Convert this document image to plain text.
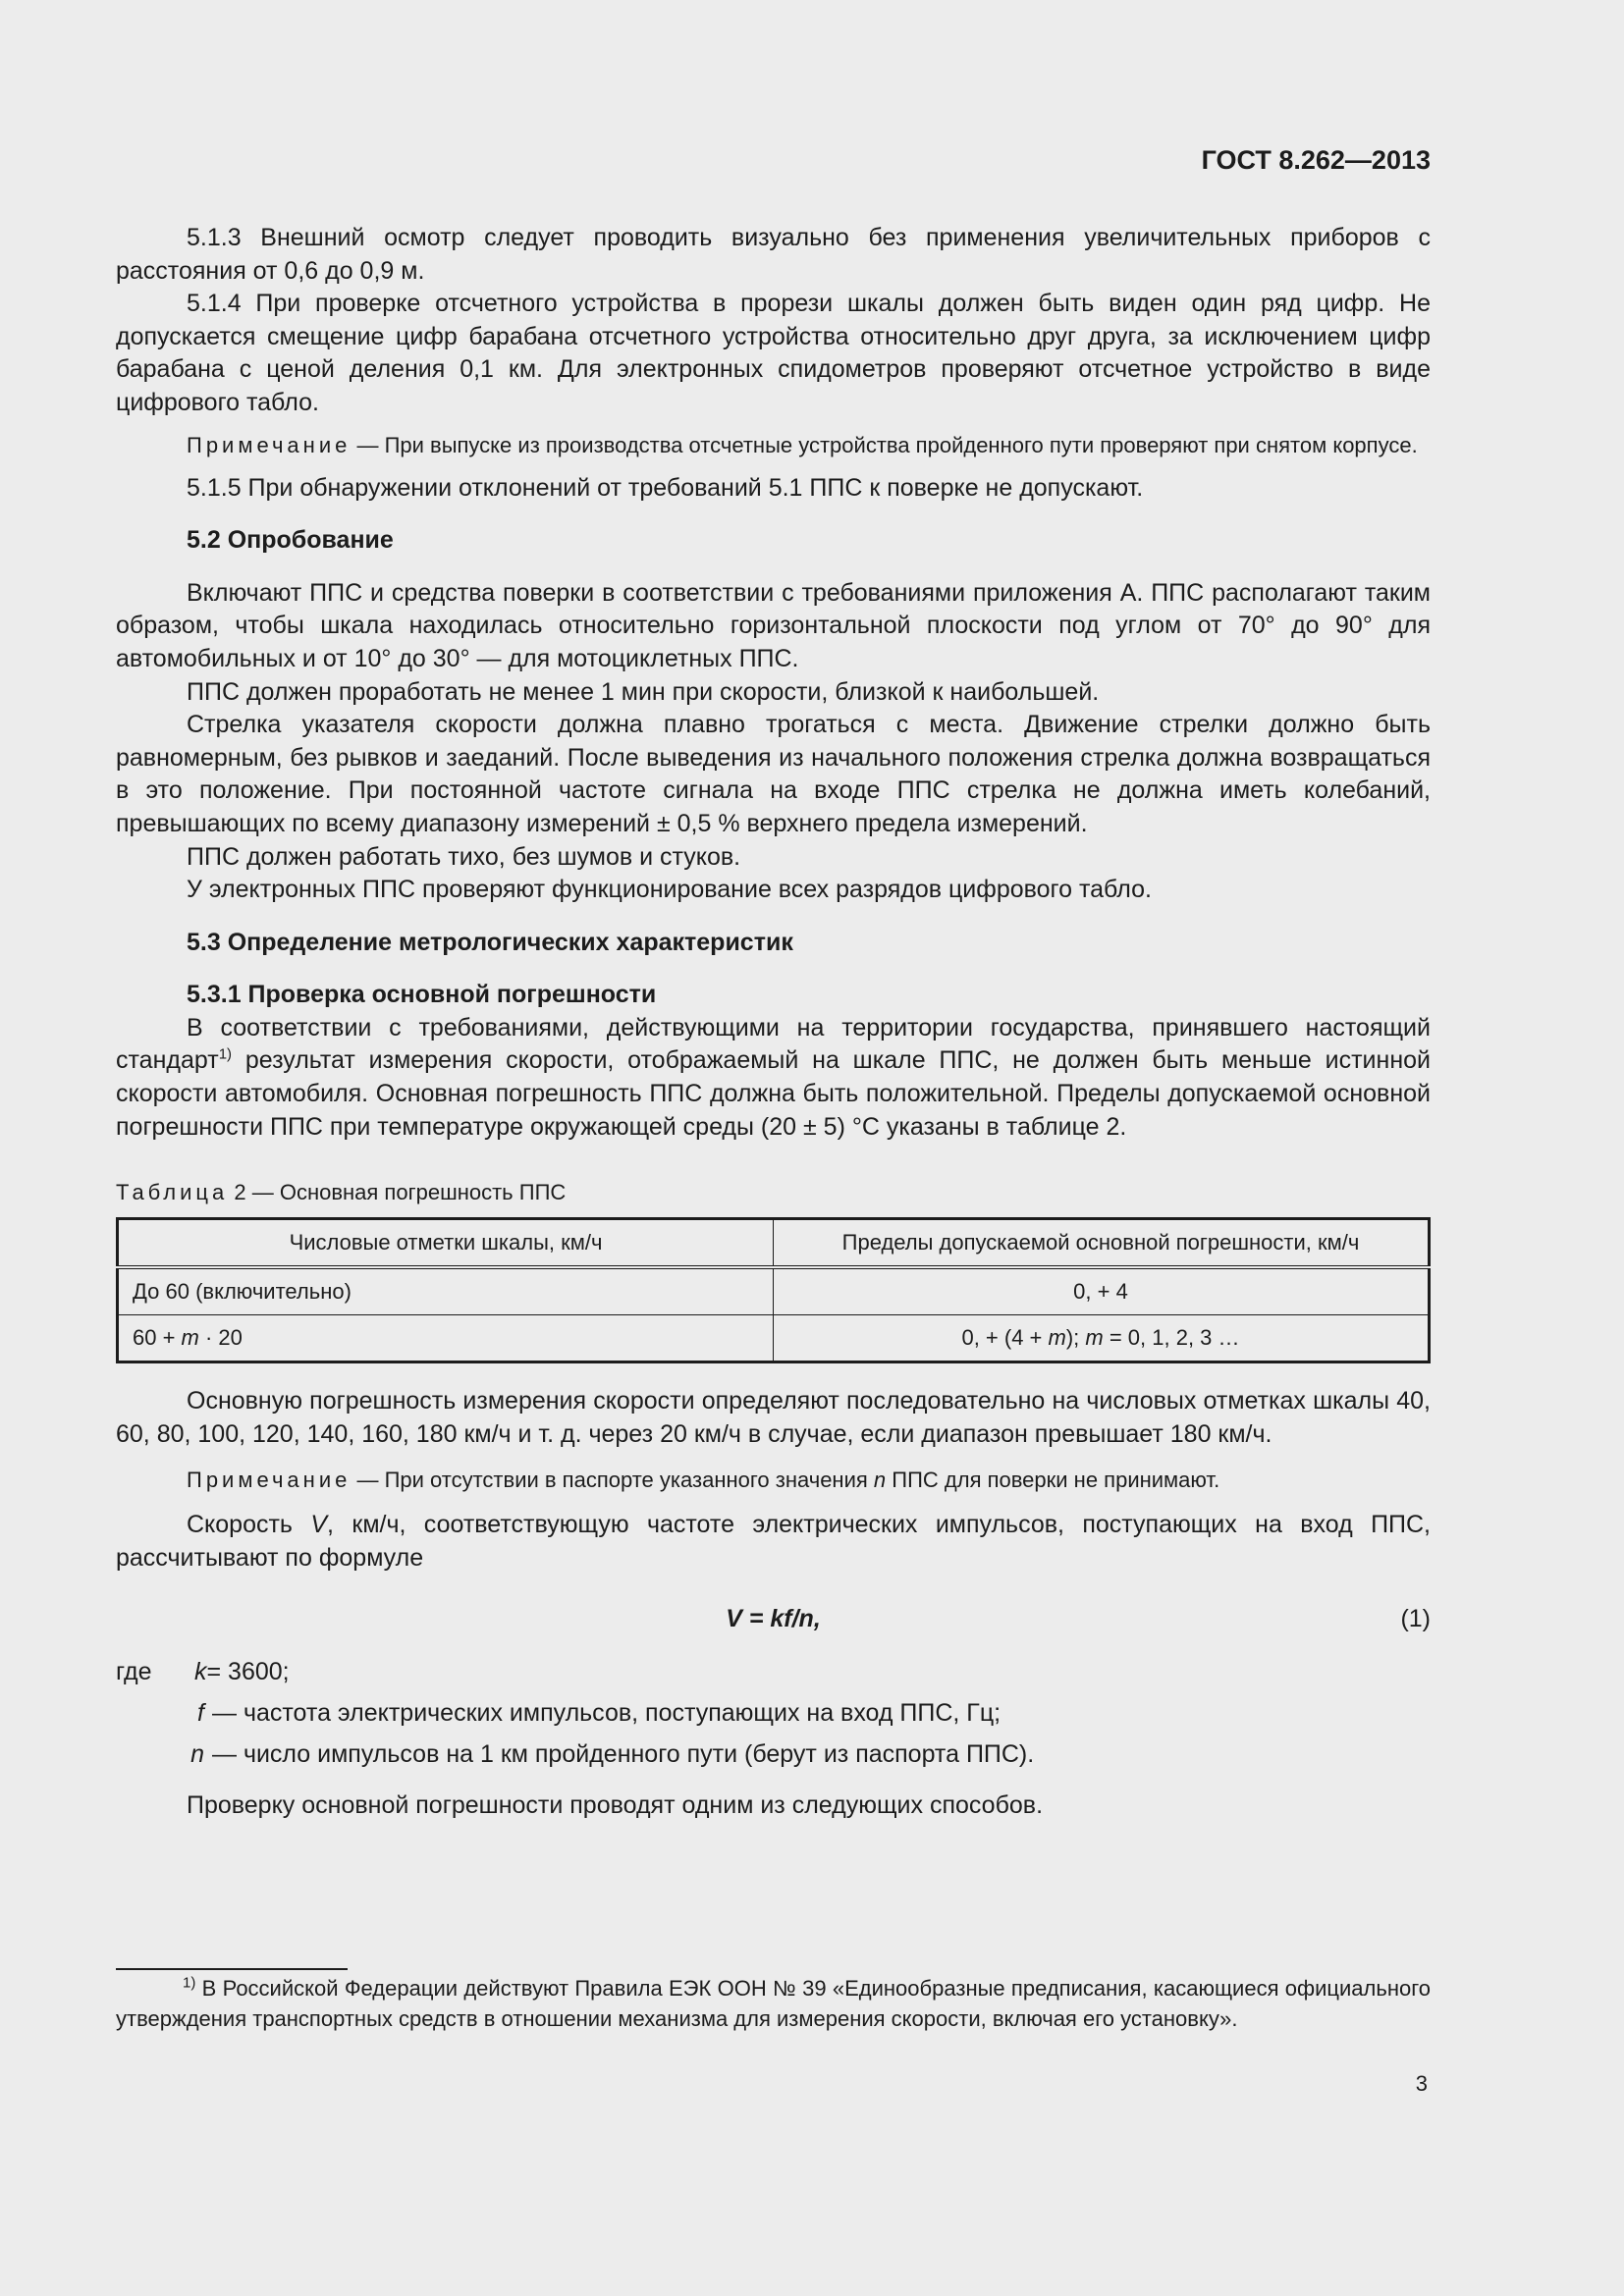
ГОСТ 8.262—2013

5.1.3 Внешний осмотр следует проводить визуально без применения увеличительных приборов с расстояния от 0,6 до 0,9 м.

5.1.4 При проверке отсчетного устройства в прорези шкалы должен быть виден один ряд цифр. Не допускается смещение цифр барабана отсчетного устройства относительно друг друга, за исключением цифр барабана с ценой деления 0,1 км. Для электронных спидометров проверяют отсчетное устройство в виде цифрового табло.

Примечание — При выпуске из производства отсчетные устройства пройденного пути проверяют при снятом корпусе.

5.1.5 При обнаружении отклонений от требований 5.1 ППС к поверке не допускают.

5.2 Опробование

Включают ППС и средства поверки в соответствии с требованиями приложения А. ППС располагают таким образом, чтобы шкала находилась относительно горизонтальной плоскости под углом от 70° до 90° для автомобильных и от 10° до 30° — для мотоциклетных ППС.

ППС должен проработать не менее 1 мин при скорости, близкой к наибольшей.

Стрелка указателя скорости должна плавно трогаться с места. Движение стрелки должно быть равномерным, без рывков и заеданий. После выведения из начального положения стрелка должна возвращаться в это положение. При постоянной частоте сигнала на входе ППС стрелка не должна иметь колебаний, превышающих по всему диапазону измерений ± 0,5 % верхнего предела измерений.

ППС должен работать тихо, без шумов и стуков.

У электронных ППС проверяют функционирование всех разрядов цифрового табло.

5.3 Определение метрологических характеристик
5.3.1 Проверка основной погрешности

В соответствии с требованиями, действующими на территории государства, принявшего настоящий стандарт$^{1)}$ результат измерения скорости, отображаемый на шкале ППС, не должен быть меньше истинной скорости автомобиля. Основная погрешность ППС должна быть положительной. Пределы допускаемой основной погрешности ППС при температуре окружающей среды (20 ± 5) °С указаны в таблице 2.

Таблица 2 — Основная погрешность ППС
Числовые отметки шкалы, км/ч	Пределы допускаемой основной погрешности, км/ч
До 60 (включительно)	0, + 4
60 + m · 20	0, + (4 + m); m = 0, 1, 2, 3 …

Основную погрешность измерения скорости определяют последовательно на числовых отметках шкалы 40, 60, 80, 100, 120, 140, 160, 180 км/ч и т. д. через 20 км/ч в случае, если диапазон превышает 180 км/ч.

Примечание — При отсутствии в паспорте указанного значения n ППС для поверки не принимают.

Скорость V, км/ч, соответствующую частоте электрических импульсов, поступающих на вход ППС, рассчитывают по формуле

V = kf/n,	(1)
где	k = 3600;
f — частота электрических импульсов, поступающих на вход ППС, Гц;
n — число импульсов на 1 км пройденного пути (берут из паспорта ППС).

Проверку основной погрешности проводят одним из следующих способов.

$^{1)}$ В Российской Федерации действуют Правила ЕЭК ООН № 39 «Единообразные предписания, касающиеся официального утверждения транспортных средств в отношении механизма для измерения скорости, включая его установку».
3
